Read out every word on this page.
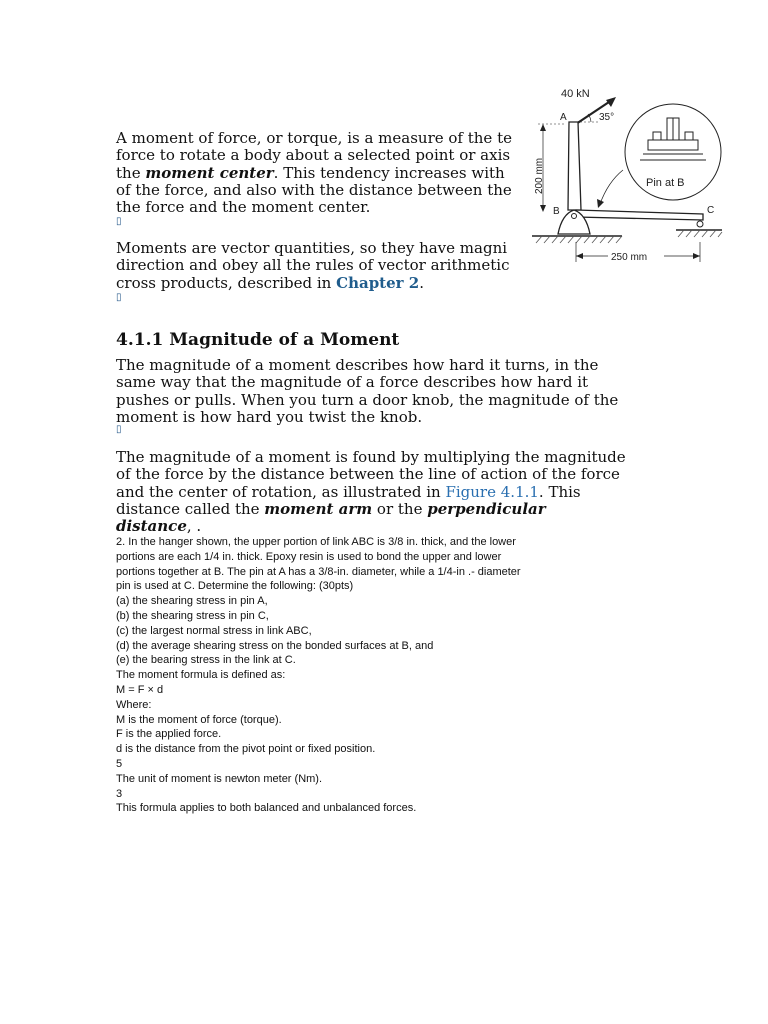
40 kN
35°
A
B	C
200 mm
250 mm
Pin at B

A moment of force, or torque, is a measure of the te
force to rotate a body about a selected point or axis
the moment center. This tendency increases with
of the force, and also with the distance between the
the force and the moment center.

▯

Moments are vector quantities, so they have magni
direction and obey all the rules of vector arithmetic
cross products, described in Chapter 2.

▯
4.1.1 Magnitude of a Moment

The magnitude of a moment describes how hard it turns, in the
same way that the magnitude of a force describes how hard it
pushes or pulls. When you turn a door knob, the magnitude of the
moment is how hard you twist the knob.

▯

The magnitude of a moment is found by multiplying the magnitude
of the force by the distance between the line of action of the force
and the center of rotation, as illustrated in Figure 4.1.1. This
distance called the moment arm or the perpendicular
distance, .

2. In the hanger shown, the upper portion of link ABC is 3/8 in. thick, and the lower
portions are each 1/4 in. thick. Epoxy resin is used to bond the upper and lower
portions together at B. The pin at A has a 3/8-in. diameter, while a 1/4-in .- diameter
pin is used at C. Determine the following: (30pts)
(a) the shearing stress in pin A,
(b) the shearing stress in pin C,
(c) the largest normal stress in link ABC,
(d) the average shearing stress on the bonded surfaces at B, and
(e) the bearing stress in the link at C.
The moment formula is defined as:
M = F × d
Where:
M is the moment of force (torque).
F is the applied force.
d is the distance from the pivot point or fixed position.
5
The unit of moment is newton meter (Nm).
3
This formula applies to both balanced and unbalanced forces.
